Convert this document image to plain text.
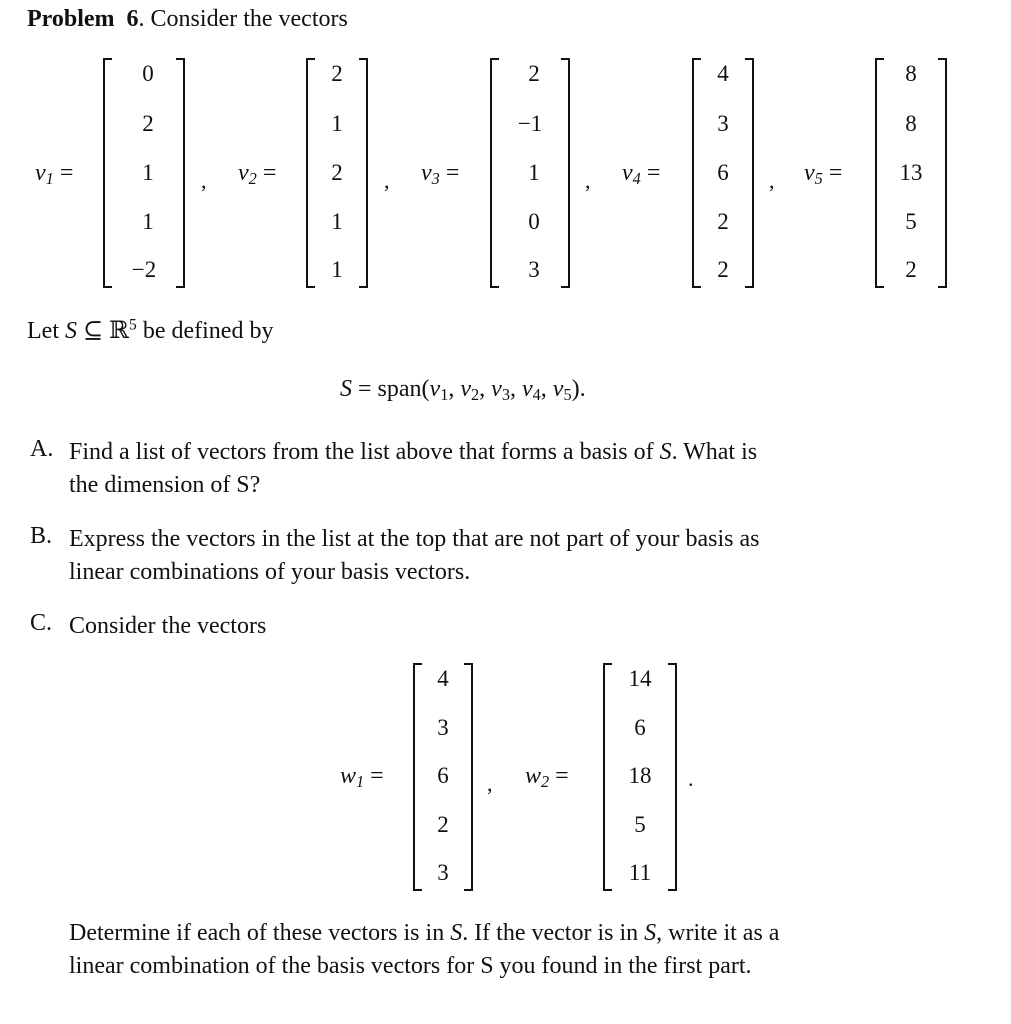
Problem 6. Consider the vectors
$v_1$ =
0
2
1
1
−2
, $v_2$ =
2
1
2
1
1
, $v_3$ =
2
−1
1
0
3
, $v_4$ =
4
3
6
2
2
, $v_5$ =
8
8
13
5
2
Let S ⊆ ℝ$^5$ be defined by
$S = span(v_1$, $v_2$, $v_3$, $v_4$, $v_5$).
A. Find a list of vectors from the list above that forms a basis of S. What is
the dimension of S?
B. Express the vectors in the list at the top that are not part of your basis as
linear combinations of your basis vectors.
C. Consider the vectors
$w_1$ =
4
3
6
2
3
, $w_2$ =
14
6
18
5
11
.
Determine if each of these vectors is in S. If the vector is in S, write it as a
linear combination of the basis vectors for S you found in the first part.
